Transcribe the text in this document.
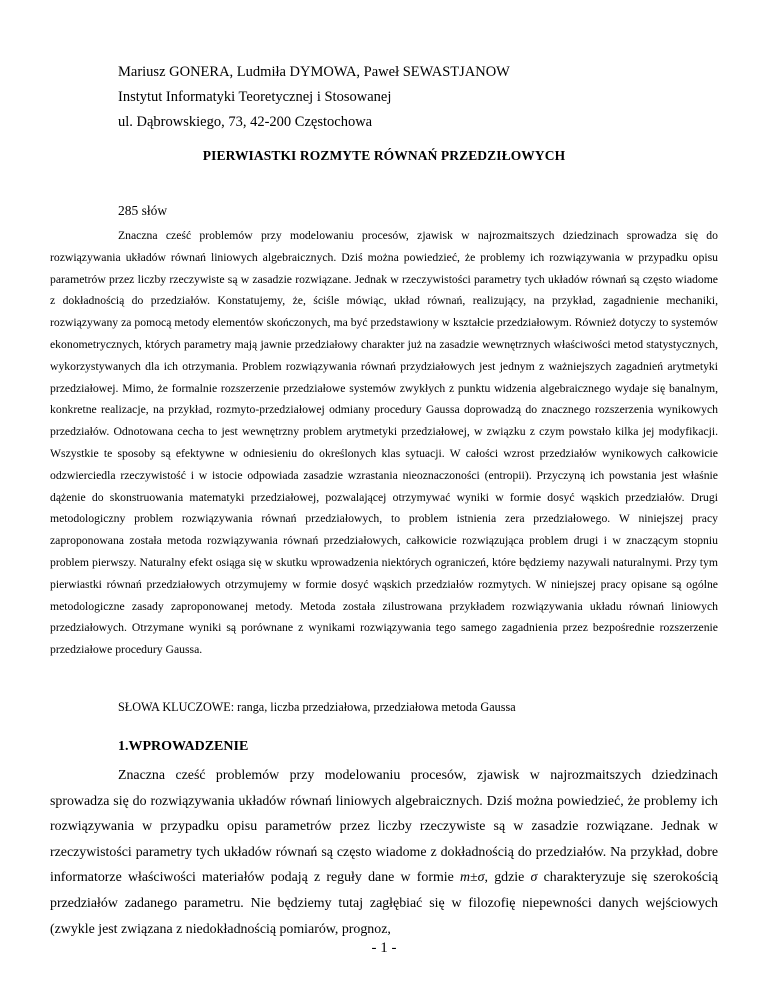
Mariusz GONERA, Ludmiła DYMOWA, Paweł SEWASTJANOW
Instytut Informatyki Teoretycznej i Stosowanej
ul. Dąbrowskiego, 73, 42-200 Częstochowa
PIERWIASTKI ROZMYTE RÓWNAŃ PRZEDZIŁOWYCH
285 słów

Znaczna cześć problemów przy modelowaniu procesów, zjawisk w najrozmaitszych dziedzinach sprowadza się do rozwiązywania układów równań liniowych algebraicznych. Dziś można powiedzieć, że problemy ich rozwiązywania w przypadku opisu parametrów przez liczby rzeczywiste są w zasadzie rozwiązane. Jednak w rzeczywistości parametry tych układów równań są często wiadome z dokładnością do przedziałów. Konstatujemy, że, ściśle mówiąc, układ równań, realizujący, na przykład, zagadnienie mechaniki, rozwiązywany za pomocą metody elementów skończonych, ma być przedstawiony w kształcie przedziałowym. Również dotyczy to systemów ekonometrycznych, których parametry mają jawnie przedziałowy charakter już na zasadzie wewnętrznych właściwości metod statystycznych, wykorzystywanych dla ich otrzymania. Problem rozwiązywania równań przydziałowych jest jednym z ważniejszych zagadnień arytmetyki przedziałowej. Mimo, że formalnie rozszerzenie przedziałowe systemów zwykłych z punktu widzenia algebraicznego wydaje się banalnym, konkretne realizacje, na przykład, rozmyto-przedziałowej odmiany procedury Gaussa doprowadzą do znacznego rozszerzenia wynikowych przedziałów. Odnotowana cecha to jest wewnętrzny problem arytmetyki przedziałowej, w związku z czym powstało kilka jej modyfikacji. Wszystkie te sposoby są efektywne w odniesieniu do określonych klas sytuacji. W całości wzrost przedziałów wynikowych całkowicie odzwierciedla rzeczywistość i w istocie odpowiada zasadzie wzrastania nieoznaczoności (entropii). Przyczyną ich powstania jest właśnie dążenie do skonstruowania matematyki przedziałowej, pozwalającej otrzymywać wyniki w formie dosyć wąskich przedziałów. Drugi metodologiczny problem rozwiązywania równań przedziałowych, to problem istnienia zera przedziałowego. W niniejszej pracy zaproponowana została metoda rozwiązywania równań przedziałowych, całkowicie rozwiązująca problem drugi i w znaczącym stopniu problem pierwszy. Naturalny efekt osiąga się w skutku wprowadzenia niektórych ograniczeń, które będziemy nazywali naturalnymi. Przy tym pierwiastki równań przedziałowych otrzymujemy w formie dosyć wąskich przedziałów rozmytych. W niniejszej pracy opisane są ogólne metodologiczne zasady zaproponowanej metody. Metoda została zilustrowana przykładem rozwiązywania układu równań liniowych przedziałowych. Otrzymane wyniki są porównane z wynikami rozwiązywania tego samego zagadnienia przez bezpośrednie rozszerzenie przedziałowe procedury Gaussa.

SŁOWA KLUCZOWE: ranga, liczba przedziałowa, przedziałowa metoda Gaussa
1.WPROWADZENIE

Znaczna cześć problemów przy modelowaniu procesów, zjawisk w najrozmaitszych dziedzinach sprowadza się do rozwiązywania układów równań liniowych algebraicznych. Dziś można powiedzieć, że problemy ich rozwiązywania w przypadku opisu parametrów przez liczby rzeczywiste są w zasadzie rozwiązane. Jednak w rzeczywistości parametry tych układów równań są często wiadome z dokładnością do przedziałów. Na przykład, dobre informatorze właściwości materiałów podają z reguły dane w formie m±σ, gdzie σ charakteryzuje się szerokością przedziałów zadanego parametru. Nie będziemy tutaj zagłębiać się w filozofię niepewności danych wejściowych (zwykle jest związana z niedokładnością pomiarów, prognoz,

- 1 -
